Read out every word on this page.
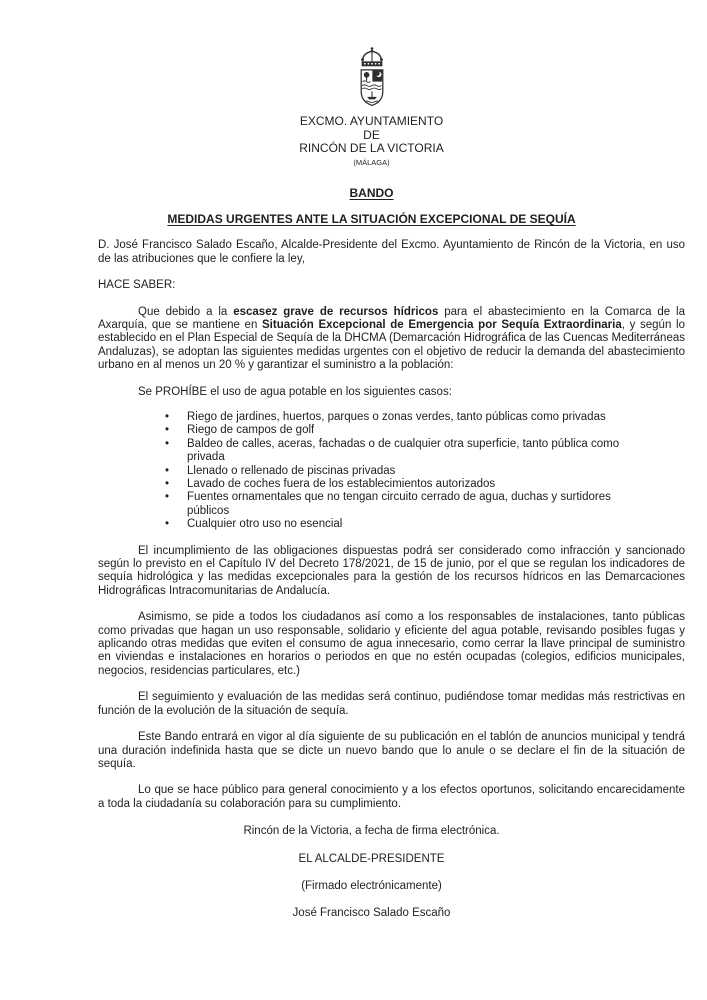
EXCMO. AYUNTAMIENTO
DE
RINCÓN DE LA VICTORIA
(MÁLAGA)
BANDO
MEDIDAS URGENTES ANTE LA SITUACIÓN EXCEPCIONAL DE SEQUÍA

D. José Francisco Salado Escaño, Alcalde-Presidente del Excmo. Ayuntamiento de Rincón de la Victoria, en uso de las atribuciones que le confiere la ley,

HACE SABER:

Que debido a la escasez grave de recursos hídricos para el abastecimiento en la Comarca de la Axarquía, que se mantiene en Situación Excepcional de Emergencia por Sequía Extraordinaria, y según lo establecido en el Plan Especial de Sequía de la DHCMA (Demarcación Hidrográfica de las Cuencas Mediterráneas Andaluzas), se adoptan las siguientes medidas urgentes con el objetivo de reducir la demanda del abastecimiento urbano en al menos un 20 % y garantizar el suministro a la población:

Se PROHÍBE el uso de agua potable en los siguientes casos:

• Riego de jardines, huertos, parques o zonas verdes, tanto públicas como privadas
• Riego de campos de golf
• Baldeo de calles, aceras, fachadas o de cualquier otra superficie, tanto pública como privada
• Llenado o rellenado de piscinas privadas
• Lavado de coches fuera de los establecimientos autorizados
• Fuentes ornamentales que no tengan circuito cerrado de agua, duchas y surtidores públicos
• Cualquier otro uso no esencial

El incumplimiento de las obligaciones dispuestas podrá ser considerado como infracción y sancionado según lo previsto en el Capítulo IV del Decreto 178/2021, de 15 de junio, por el que se regulan los indicadores de sequía hidrológica y las medidas excepcionales para la gestión de los recursos hídricos en las Demarcaciones Hidrográficas Intracomunitarias de Andalucía.

Asimismo, se pide a todos los ciudadanos así como a los responsables de instalaciones, tanto públicas como privadas que hagan un uso responsable, solidario y eficiente del agua potable, revisando posibles fugas y aplicando otras medidas que eviten el consumo de agua innecesario, como cerrar la llave principal de suministro en viviendas e instalaciones en horarios o periodos en que no estén ocupadas (colegios, edificios municipales, negocios, residencias particulares, etc.)

El seguimiento y evaluación de las medidas será continuo, pudiéndose tomar medidas más restrictivas en función de la evolución de la situación de sequía.

Este Bando entrará en vigor al día siguiente de su publicación en el tablón de anuncios municipal y tendrá una duración indefinida hasta que se dicte un nuevo bando que lo anule o se declare el fin de la situación de sequía.

Lo que se hace público para general conocimiento y a los efectos oportunos, solicitando encarecidamente a toda la ciudadanía su colaboración para su cumplimiento.

Rincón de la Victoria, a fecha de firma electrónica.

EL ALCALDE-PRESIDENTE

(Firmado electrónicamente)

José Francisco Salado Escaño
